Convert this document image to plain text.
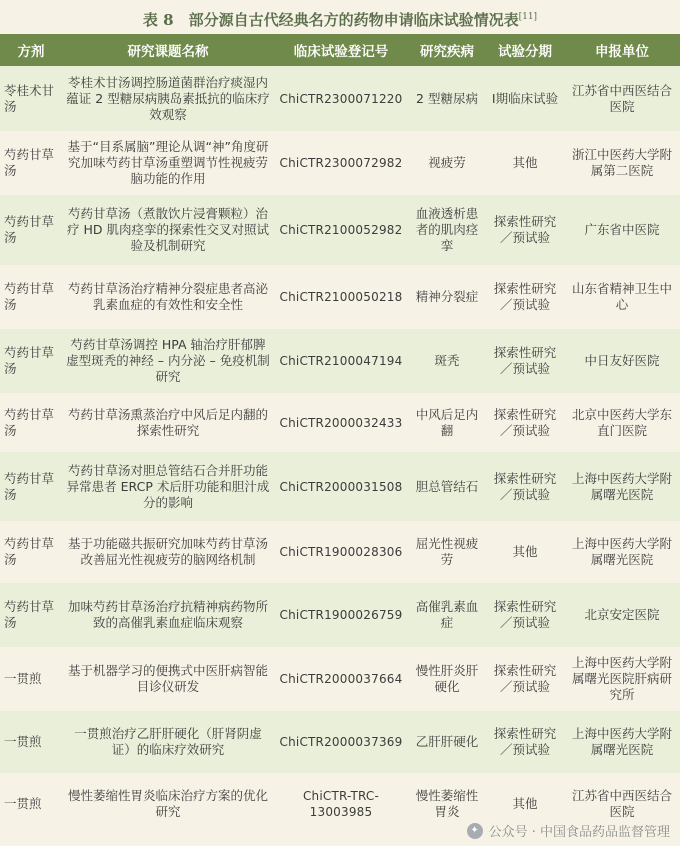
表 8　部分源自古代经典名方的药物申请临床试验情况表[11]
方剂	研究课题名称	临床试验登记号	研究疾病	试验分期	申报单位
苓桂术甘汤	苓桂术甘汤调控肠道菌群治疗痰湿内蕴证 2 型糖尿病胰岛素抵抗的临床疗效观察	ChiCTR2300071220	2 型糖尿病	Ⅰ期临床试验	江苏省中西医结合医院
芍药甘草汤	基于“目系属脑”理论从调“神”角度研究加味芍药甘草汤重塑调节性视疲劳脑功能的作用	ChiCTR2300072982	视疲劳	其他	浙江中医药大学附属第二医院
芍药甘草汤	芍药甘草汤（煮散饮片浸膏颗粒）治疗 HD 肌肉痉挛的探索性交叉对照试验及机制研究	ChiCTR2100052982	血液透析患者的肌肉痉挛	探索性研究／预试验	广东省中医院
芍药甘草汤	芍药甘草汤治疗精神分裂症患者高泌乳素血症的有效性和安全性	ChiCTR2100050218	精神分裂症	探索性研究／预试验	山东省精神卫生中心
芍药甘草汤	芍药甘草汤调控 HPA 轴治疗肝郁脾虚型斑秃的神经 – 内分泌 – 免疫机制研究	ChiCTR2100047194	斑秃	探索性研究／预试验	中日友好医院
芍药甘草汤	芍药甘草汤熏蒸治疗中风后足内翻的探索性研究	ChiCTR2000032433	中风后足内翻	探索性研究／预试验	北京中医药大学东直门医院
芍药甘草汤	芍药甘草汤对胆总管结石合并肝功能异常患者 ERCP 术后肝功能和胆汁成分的影响	ChiCTR2000031508	胆总管结石	探索性研究／预试验	上海中医药大学附属曙光医院
芍药甘草汤	基于功能磁共振研究加味芍药甘草汤改善屈光性视疲劳的脑网络机制	ChiCTR1900028306	屈光性视疲劳	其他	上海中医药大学附属曙光医院
芍药甘草汤	加味芍药甘草汤治疗抗精神病药物所致的高催乳素血症临床观察	ChiCTR1900026759	高催乳素血症	探索性研究／预试验	北京安定医院
一贯煎	基于机器学习的便携式中医肝病智能目诊仪研发	ChiCTR2000037664	慢性肝炎肝硬化	探索性研究／预试验	上海中医药大学附属曙光医院肝病研究所
一贯煎	一贯煎治疗乙肝肝硬化（肝肾阴虚证）的临床疗效研究	ChiCTR2000037369	乙肝肝硬化	探索性研究／预试验	上海中医药大学附属曙光医院
一贯煎	慢性萎缩性胃炎临床治疗方案的优化研究	ChiCTR-TRC-13003985	慢性萎缩性胃炎	其他	江苏省中西医结合医院
✦ 公众号 · 中国食品药品监督管理
